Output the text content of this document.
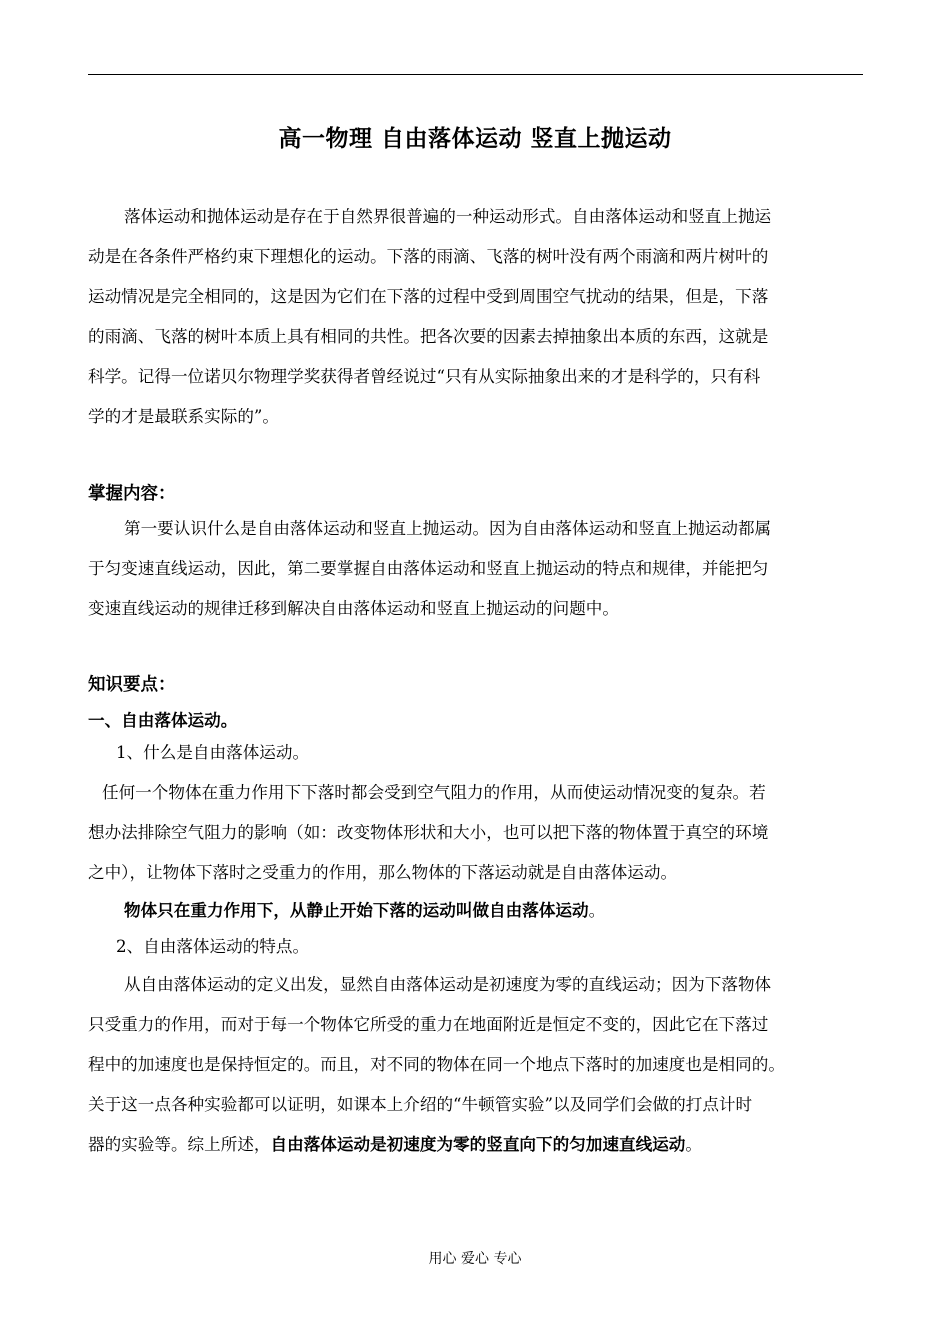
高一物理 自由落体运动 竖直上抛运动

落体运动和抛体运动是存在于自然界很普遍的一种运动形式。自由落体运动和竖直上抛运

动是在各条件严格约束下理想化的运动。下落的雨滴、飞落的树叶没有两个雨滴和两片树叶的

运动情况是完全相同的，这是因为它们在下落的过程中受到周围空气扰动的结果，但是，下落

的雨滴、飞落的树叶本质上具有相同的共性。把各次要的因素去掉抽象出本质的东西，这就是

科学。记得一位诺贝尔物理学奖获得者曾经说过“只有从实际抽象出来的才是科学的，只有科

学的才是最联系实际的”。

掌握内容：

第一要认识什么是自由落体运动和竖直上抛运动。因为自由落体运动和竖直上抛运动都属

于匀变速直线运动，因此，第二要掌握自由落体运动和竖直上抛运动的特点和规律，并能把匀

变速直线运动的规律迁移到解决自由落体运动和竖直上抛运动的问题中。

知识要点：

一、自由落体运动。

1、什么是自由落体运动。

任何一个物体在重力作用下下落时都会受到空气阻力的作用，从而使运动情况变的复杂。若

想办法排除空气阻力的影响（如：改变物体形状和大小，也可以把下落的物体置于真空的环境

之中），让物体下落时之受重力的作用，那么物体的下落运动就是自由落体运动。

物体只在重力作用下，从静止开始下落的运动叫做自由落体运动。

2、自由落体运动的特点。

从自由落体运动的定义出发，显然自由落体运动是初速度为零的直线运动；因为下落物体

只受重力的作用，而对于每一个物体它所受的重力在地面附近是恒定不变的，因此它在下落过

程中的加速度也是保持恒定的。而且，对不同的物体在同一个地点下落时的加速度也是相同的。

关于这一点各种实验都可以证明，如课本上介绍的“牛顿管实验”以及同学们会做的打点计时

器的实验等。综上所述，自由落体运动是初速度为零的竖直向下的匀加速直线运动。

用心 爱心 专心
